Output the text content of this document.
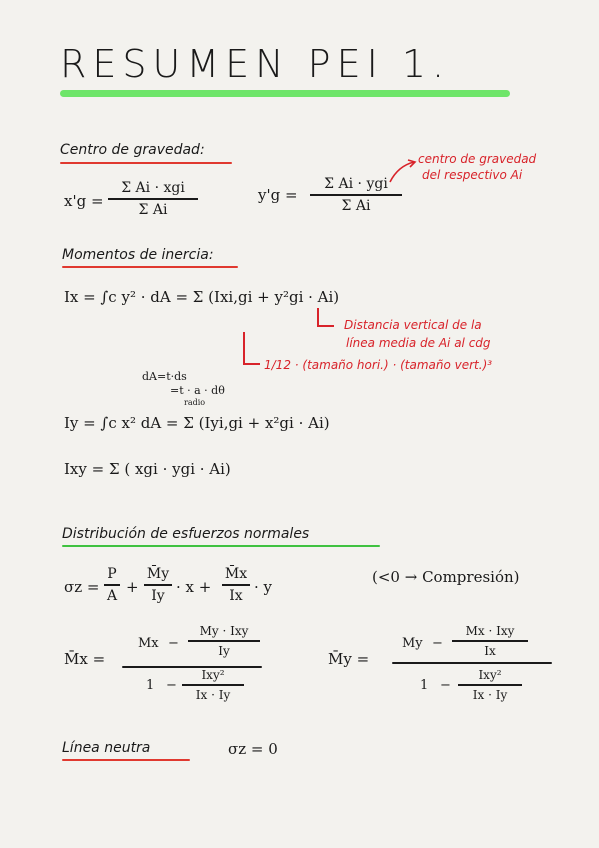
RESUMEN PEI 1.
Centro de gravedad:
x'g =
Σ Ai · xgi
Σ Ai
y'g =
Σ Ai · ygi
Σ Ai
centro de gravedad
del respectivo Ai
Momentos de inercia:
Ix = ∫c y² · dA = Σ (Ixi,gi + y²gi · Ai)
Distancia vertical de la
línea media de Ai al cdg
1/12 · (tamaño hori.) · (tamaño vert.)³
dA=t·ds
=t · a · dθ
radio
Iy = ∫c x² dA = Σ (Iyi,gi + x²gi · Ai)
Ixy = Σ ( xgi · ygi · Ai)
Distribución de esfuerzos normales
σz =
P
A +
M̄y
Iy · x +
M̄x
Ix · y
(<0 → Compresión)
M̄x =
Mx −
My · Ixy
Iy
1 −
Ixy²
Ix · Iy
M̄y =
My −
Mx · Ixy
Ix
1 −
Ixy²
Ix · Iy
Línea neutra	σz = 0
